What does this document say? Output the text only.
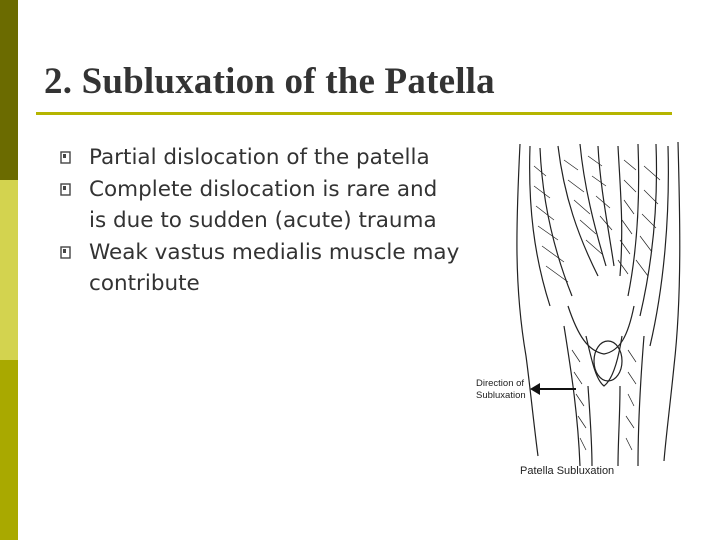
2. Subluxation of the Patella
Partial dislocation of the patella
Complete dislocation is rare and is due to sudden (acute) trauma
Weak vastus medialis muscle may contribute
Direction of
Subluxation
Patella Subluxation
